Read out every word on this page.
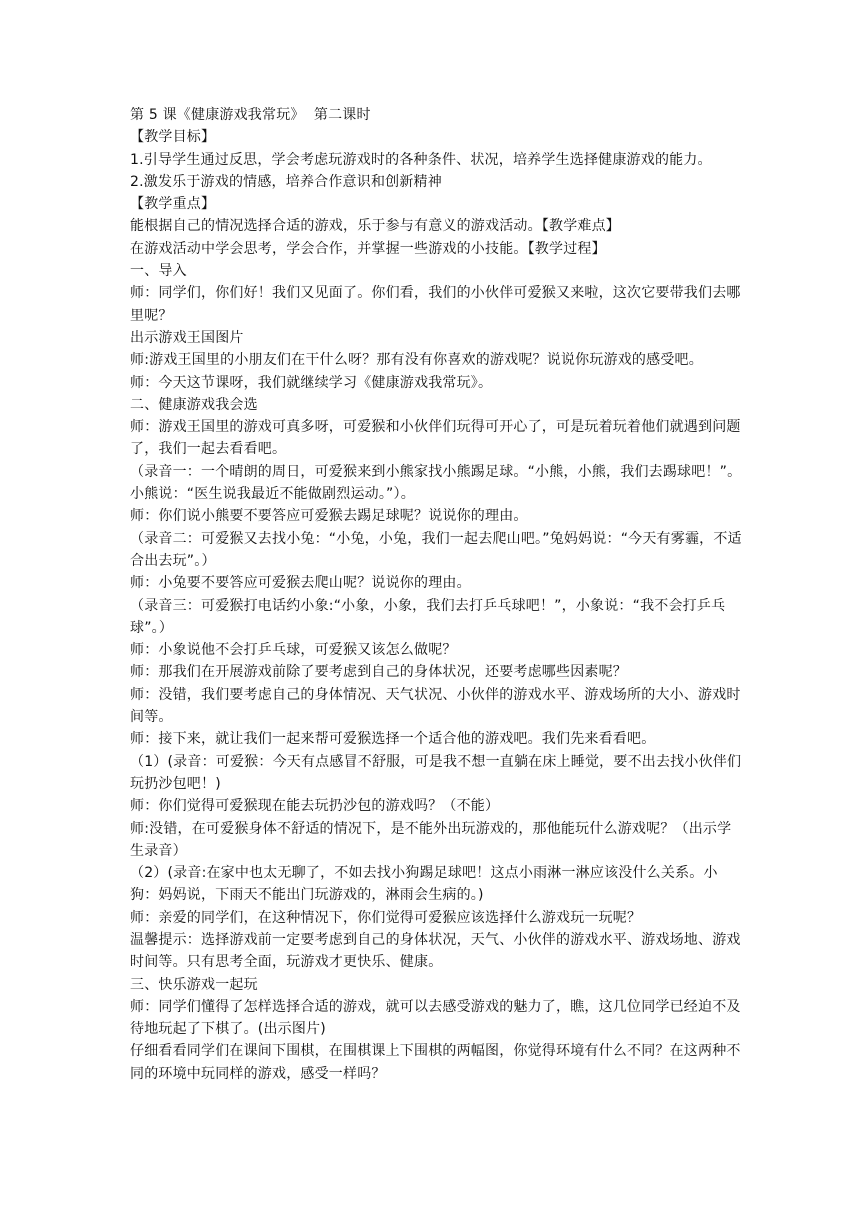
第 5 课《健康游戏我常玩》  第二课时

【教学目标】

1.引导学生通过反思，学会考虑玩游戏时的各种条件、状况，培养学生选择健康游戏的能力。

2.激发乐于游戏的情感，培养合作意识和创新精神

【教学重点】

能根据自己的情况选择合适的游戏，乐于参与有意义的游戏活动。【教学难点】

在游戏活动中学会思考，学会合作，并掌握一些游戏的小技能。【教学过程】

一、导入

师：同学们，你们好！我们又见面了。你们看，我们的小伙伴可爱猴又来啦，这次它要带我们去哪里呢？

出示游戏王国图片

师:游戏王国里的小朋友们在干什么呀？那有没有你喜欢的游戏呢？说说你玩游戏的感受吧。

师：今天这节课呀，我们就继续学习《健康游戏我常玩》。

二、健康游戏我会选

师：游戏王国里的游戏可真多呀，可爱猴和小伙伴们玩得可开心了，可是玩着玩着他们就遇到问题了，我们一起去看看吧。

（录音一：一个晴朗的周日，可爱猴来到小熊家找小熊踢足球。“小熊，小熊，我们去踢球吧！”。小熊说：“医生说我最近不能做剧烈运动。”）。

师：你们说小熊要不要答应可爱猴去踢足球呢？说说你的理由。

（录音二：可爱猴又去找小兔：“小兔，小兔，我们一起去爬山吧。”兔妈妈说：“今天有雾霾，不适合出去玩”。）

师：小兔要不要答应可爱猴去爬山呢？说说你的理由。

（录音三：可爱猴打电话约小象:“小象，小象，我们去打乒乓球吧！”，小象说：“我不会打乒乓球”。）

师：小象说他不会打乒乓球，可爱猴又该怎么做呢？

师：那我们在开展游戏前除了要考虑到自己的身体状况，还要考虑哪些因素呢？

师：没错，我们要考虑自己的身体情况、天气状况、小伙伴的游戏水平、游戏场所的大小、游戏时间等。

师：接下来，就让我们一起来帮可爱猴选择一个适合他的游戏吧。我们先来看看吧。

（1）(录音：可爱猴：今天有点感冒不舒服，可是我不想一直躺在床上睡觉，要不出去找小伙伴们玩扔沙包吧！)

师：你们觉得可爱猴现在能去玩扔沙包的游戏吗？（不能）

师:没错，在可爱猴身体不舒适的情况下，是不能外出玩游戏的，那他能玩什么游戏呢？（出示学生录音）

（2）(录音:在家中也太无聊了，不如去找小狗踢足球吧！这点小雨淋一淋应该没什么关系。小狗：妈妈说，下雨天不能出门玩游戏的，淋雨会生病的。)

师：亲爱的同学们，在这种情况下，你们觉得可爱猴应该选择什么游戏玩一玩呢？

温馨提示：选择游戏前一定要考虑到自己的身体状况，天气、小伙伴的游戏水平、游戏场地、游戏时间等。只有思考全面，玩游戏才更快乐、健康。

三、快乐游戏一起玩

师：同学们懂得了怎样选择合适的游戏，就可以去感受游戏的魅力了，瞧，这几位同学已经迫不及待地玩起了下棋了。(出示图片)

仔细看看同学们在课间下围棋，在围棋课上下围棋的两幅图，你觉得环境有什么不同？在这两种不同的环境中玩同样的游戏，感受一样吗？
